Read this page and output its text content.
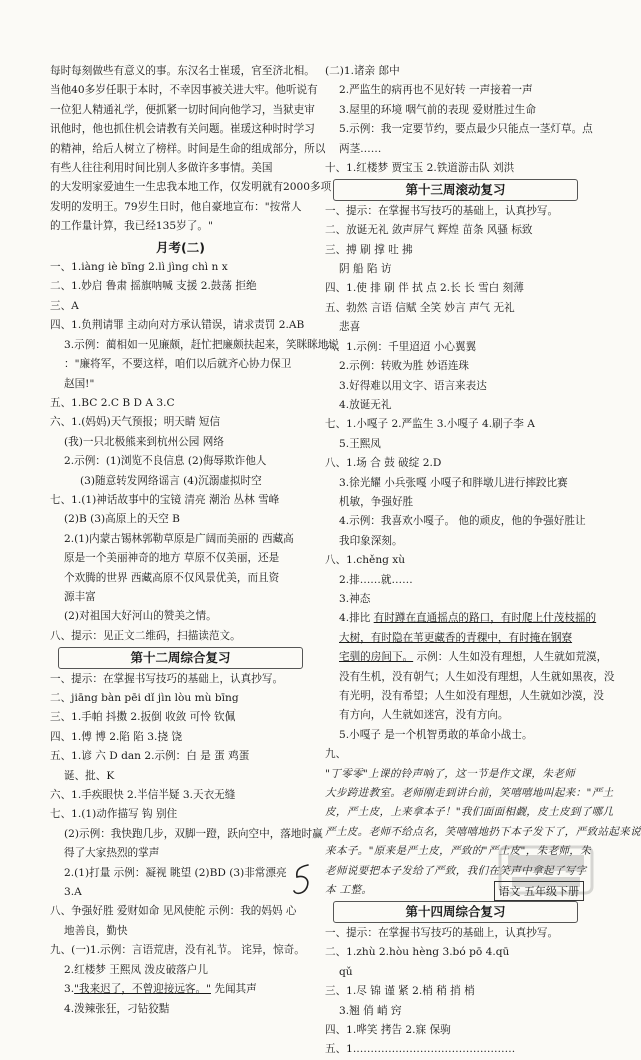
每时每刻做些有意义的事。东汉名士崔瑗，官至济北相。
当他40多岁任职于本时，不幸因事被关进大牢。他听说有
一位犯人精通礼学，便抓紧一切时间向他学习，当狱吏审
讯他时，他也抓住机会请教有关问题。崔瑗这种时时学习
的精神，给后人树立了榜样。时间是生命的组成部分，所以
有些人往往利用时间比别人多做许多事情。美国
的大发明家爱迪生一生忠我本地工作，仅发明就有2000多项
发明的发明王。79岁生日时，他自豪地宣布："按常人
的工作量计算，我已经135岁了。"
月考(二)
一、1.iàng iè bīng 2.lì jìng chì n x
二、1.妙启 鲁肃 摇旗呐喊 支援 2.鼓荡 拒绝
三、A
四、1.负荆请罪 主动向对方承认错误，请求责罚 2.AB
3.示例：蔺相如一见廉颇，赶忙把廉颇扶起来，笑眯眯地说
："廉将军，不要这样，咱们以后就齐心协力保卫
赵国!"
五、1.BC 2.C B D A 3.C
六、1.(妈妈)天气预报；明天睛 短信
(我)一只北极熊来到杭州公园 网络
2.示例：(1)浏览不良信息 (2)侮辱欺诈他人
(3)随意转发网络谣言 (4)沉溺虚拟时空
七、1.(1)神话故事中的宝镜 清亮 潮治 丛林 雪峰
(2)B (3)高原上的天空 B
2.(1)内蒙古锡林郭勒草原是广阔而美丽的 西藏高
原是一个美丽神奇的地方 草原不仅美丽，还是
个欢腾的世界 西藏高原不仅风景优美，而且资
源丰富
(2)对祖国大好河山的赞美之情。
八、提示：见正文二维码，扫描读范文。
第十二周综合复习
一、提示：在掌握书写技巧的基础上，认真抄写。
二、jiāng bàn pēi dǐ jìn lòu mù bīng
三、1.手帕 抖擞 2.扳倒 收敛 可怜 钦佩
四、1.傅 博 2.陷 陷 3.挠 饶
五、1.谚 六 D dan 2.示例：白 是 蛋 鸡蛋
诞、批、K
六、1.手疾眼快 2.半信半疑 3.天衣无缝
七、1.(1)动作描写 钩 别住
(2)示例：我快跑几步，双脚一蹬，跃向空中，落地时赢
得了大家热烈的掌声
2.(1)打量 示例：凝视 眺望 (2)BD (3)非常漂亮
3.A
八、争强好胜 爱财如命 见风使舵 示例：我的妈妈 心
地善良，勤快
九、(一)1.示例：言语荒唐，没有礼节。 诧异，惊奇。
2.红楼梦 王熙凤 泼皮破落户儿
3."我来迟了，不曾迎接远客。" 先闻其声
4.泼辣张狂，刁钻狡黠
(二)1.诸亲 郎中
2.严监生的病再也不见好转 一声接着一声
3.屋里的环境 咽气前的表现 爱财胜过生命
5.示例：我一定要节约，要点最少只能点一茎灯草。点
两茎……
十、1.红楼梦 贾宝玉 2.铁道游击队 刘洪
第十三周滚动复习
一、提示：在掌握书写技巧的基础上，认真抄写。
二、放诞无礼 敛声屏气 辉煌 苗条 风骚 标致
三、搏 刷 撑 吐 拂
阴 船 陷 访
四、1.使 排 刷 伴 拭 点 2.长 长 雪白 刻薄
五、勃然 言语 信赋 全笑 妙言 声气 无礼
悲喜
六、1.示例：千里迢迢 小心翼翼
2.示例：转败为胜 妙语连珠
3.好得难以用文字、语言来表达
4.放诞无礼
七、1.小嘎子 2.严监生 3.小嘎子 4.刷子李 A
5.王熙凤
八、1.场 合 鼓 破绽 2.D
3.徐光耀 小兵张嘎 小嘎子和胖墩儿进行摔跤比赛
机敏，争强好胜
4.示例：我喜欢小嘎子。 他的顽皮，他的争强好胜让
我印象深刻。
八、1.chěng xù
2.排……就……
3.神态
4.排比 有时蹲在直通摇点的路口，有时爬上什茂枝摇的
大树，有时隐在苇更藏香的青稞中，有时掩在钢寮
宅驯的房间下。 示例：人生如没有理想，人生就如荒漠，
没有生机，没有朝气；人生如没有理想，人生就如黑夜，没
有光明，没有希望；人生如没有理想，人生就如沙漠，没
有方向，人生就如迷宫，没有方向。
5.小嘎子 是一个机智勇敢的革命小战士。
九、
"丁零零"上课的铃声响了，这一节是作文课，朱老师
大步跨进教室。老师刚走到讲台前，笑嘻嘻地叫起来："严土
皮，严土皮，上来拿本子！"我们面面相觑，皮土皮到了哪几
严土皮。老师不给点名，笑嘻嘻地扔下本子发下了，严致站起来说
来本子。"原来是严土皮，严致的"严土皮"，朱老师，朱
老师说要把本子发给了严致，我们在笑声中拿起了写字
本 工整。
第十四周综合复习
一、提示：在掌握书写技巧的基础上，认真抄写。
二、1.zhù 2.hòu hèng 3.bó pō 4.qū
qǔ
三、1.尽 锦 谨 紧 2.梢 稍 捎 梢
3.翘 俏 峭 窍
四、1.哗笑 拷告 2.寐 保驹
五、1.………………………………………
语文 五年级下册
